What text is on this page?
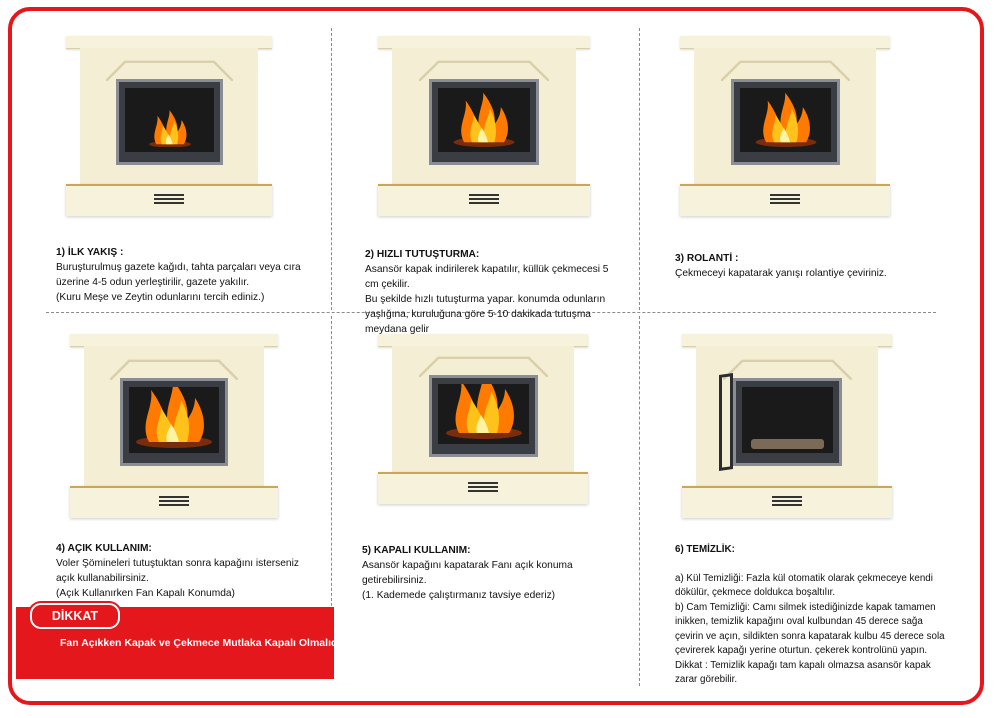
1) İLK YAKIŞ :
Buruşturulmuş gazete kağıdı, tahta parçaları veya cıra üzerine 4-5 odun yerleştirilir, gazete yakılır.

(Kuru Meşe ve Zeytin odunlarını tercih ediniz.)

2) HIZLI TUTUŞTURMA:
Asansör kapak indirilerek kapatılır, küllük çekmecesi 5 cm çekilir.

Bu şekilde hızlı tutuşturma yapar. konumda odunların yaşlığına, kuruluğuna göre 5-10 dakikada tutuşma meydana gelir

3) ROLANTİ :
Çekmeceyi kapatarak yanışı rolantiye çeviriniz.

4) AÇIK KULLANIM:
Voler Şömineleri tutuştuktan sonra kapağını isterseniz açık kullanabilirsiniz.

(Açık Kullanırken Fan Kapalı Konumda)

5) KAPALI KULLANIM:
Asansör kapağını kapatarak Fanı açık konuma getirebilirsiniz.

(1. Kademede çalıştırmanız tavsiye ederiz)

6) TEMİZLİK:

a) Kül Temizliği: Fazla kül otomatik olarak çekmeceye kendi dökülür, çekmece doldukca boşaltılır.
b) Cam Temizliği: Camı silmek istediğinizde kapak tamamen inikken, temizlik kapağını oval kulbundan 45 derece sağa çevirin ve açın, sildikten sonra kapatarak kulbu 45 derece sola çevirerek kapağı yerine oturtun. çekerek kontrolünü yapın.
Dikkat : Temizlik kapağı tam kapalı olmazsa asansör kapak zarar görebilir.

DİKKAT
Fan Açıkken Kapak ve Çekmece Mutlaka Kapalı Olmalıdır.
